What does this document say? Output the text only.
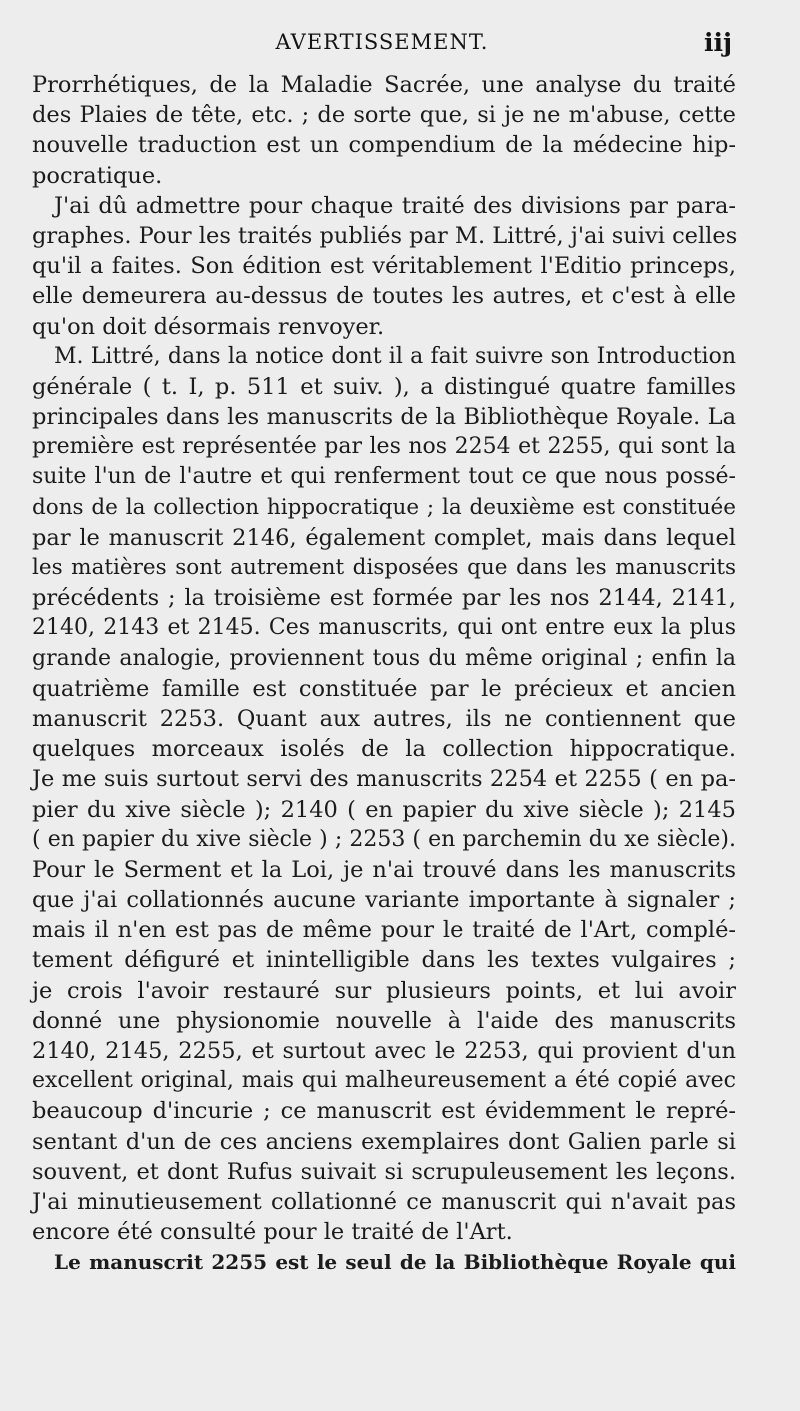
AVERTISSEMENT.	iij
Prorrhétiques, de la Maladie Sacrée, une analyse du traité
des Plaies de tête, etc. ; de sorte que, si je ne m'abuse, cette
nouvelle traduction est un compendium de la médecine hip-
pocratique.
J'ai dû admettre pour chaque traité des divisions par para-
graphes. Pour les traités publiés par M. Littré, j'ai suivi celles
qu'il a faites. Son édition est véritablement l'Editio princeps,
elle demeurera au-dessus de toutes les autres, et c'est à elle
qu'on doit désormais renvoyer.
M. Littré, dans la notice dont il a fait suivre son Introduction
générale ( t. I, p. 511 et suiv. ), a distingué quatre familles
principales dans les manuscrits de la Bibliothèque Royale. La
première est représentée par les nos 2254 et 2255, qui sont la
suite l'un de l'autre et qui renferment tout ce que nous possé-
dons de la collection hippocratique ; la deuxième est constituée
par le manuscrit 2146, également complet, mais dans lequel
les matières sont autrement disposées que dans les manuscrits
précédents ; la troisième est formée par les nos 2144, 2141,
2140, 2143 et 2145. Ces manuscrits, qui ont entre eux la plus
grande analogie, proviennent tous du même original ; enfin la
quatrième famille est constituée par le précieux et ancien
manuscrit 2253. Quant aux autres, ils ne contiennent que
quelques morceaux isolés de la collection hippocratique.
Je me suis surtout servi des manuscrits 2254 et 2255 ( en pa-
pier du xive siècle ); 2140 ( en papier du xive siècle ); 2145
( en papier du xive siècle ) ; 2253 ( en parchemin du xe siècle).
Pour le Serment et la Loi, je n'ai trouvé dans les manuscrits
que j'ai collationnés aucune variante importante à signaler ;
mais il n'en est pas de même pour le traité de l'Art, complé-
tement défiguré et inintelligible dans les textes vulgaires ;
je crois l'avoir restauré sur plusieurs points, et lui avoir
donné une physionomie nouvelle à l'aide des manuscrits
2140, 2145, 2255, et surtout avec le 2253, qui provient d'un
excellent original, mais qui malheureusement a été copié avec
beaucoup d'incurie ; ce manuscrit est évidemment le repré-
sentant d'un de ces anciens exemplaires dont Galien parle si
souvent, et dont Rufus suivait si scrupuleusement les leçons.
J'ai minutieusement collationné ce manuscrit qui n'avait pas
encore été consulté pour le traité de l'Art.
Le manuscrit 2255 est le seul de la Bibliothèque Royale qui
